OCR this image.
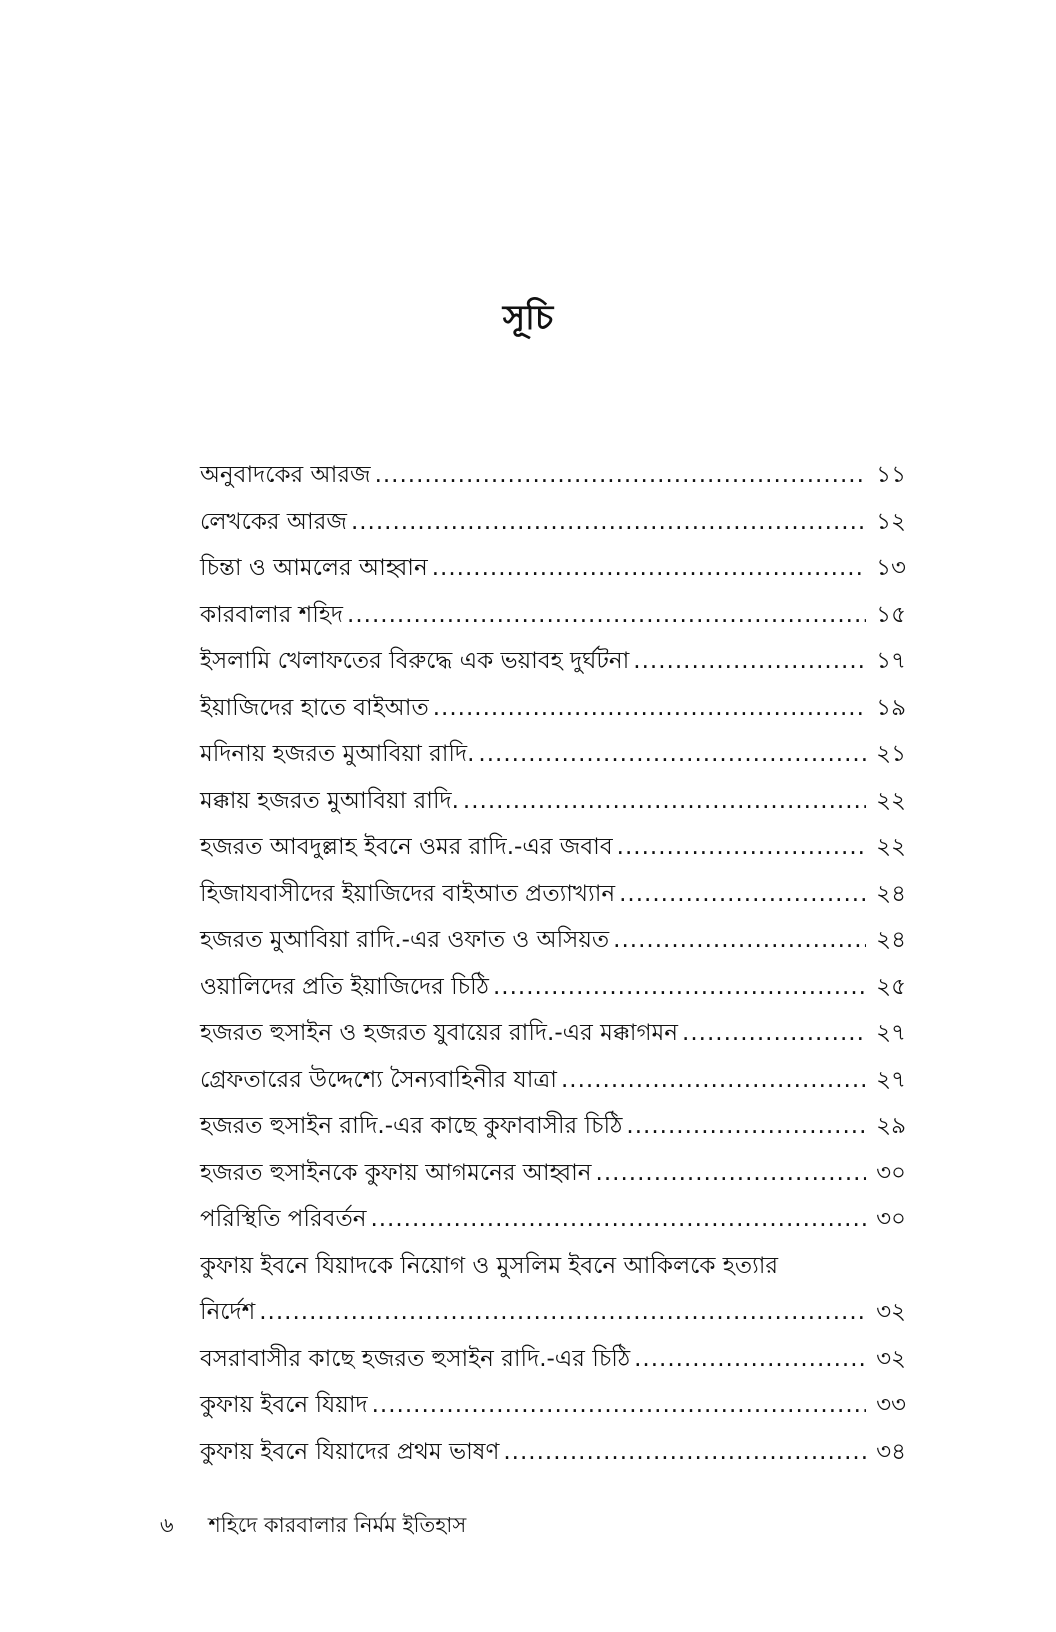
সূচি
অনুবাদকের আরজ .....	১১
লেখকের আরজ .....	১২
চিন্তা ও আমলের আহ্বান .....	১৩
কারবালার শহিদ .....	১৫
ইসলামি খেলাফতের বিরুদ্ধে এক ভয়াবহ দুর্ঘটনা .....	১৭
ইয়াজিদের হাতে বাইআত .....	১৯
মদিনায় হজরত মুআবিয়া রাদি. .....	২১
মক্কায় হজরত মুআবিয়া রাদি. .....	২২
হজরত আবদুল্লাহ ইবনে ওমর রাদি.-এর জবাব .....	২২
হিজাযবাসীদের ইয়াজিদের বাইআত প্রত্যাখ্যান .....	২৪
হজরত মুআবিয়া রাদি.-এর ওফাত ও অসিয়ত .....	২৪
ওয়ালিদের প্রতি ইয়াজিদের চিঠি .....	২৫
হজরত হুসাইন ও হজরত যুবায়ের রাদি.-এর মক্কাগমন .....	২৭
গ্রেফতারের উদ্দেশ্যে সৈন্যবাহিনীর যাত্রা .....	২৭
হজরত হুসাইন রাদি.-এর কাছে কুফাবাসীর চিঠি .....	২৯
হজরত হুসাইনকে কুফায় আগমনের আহ্বান .....	৩০
পরিস্থিতি পরিবর্তন .....	৩০
কুফায় ইবনে যিয়াদকে নিয়োগ ও মুসলিম ইবনে আকিলকে হত্যার
নির্দেশ .....	৩২
বসরাবাসীর কাছে হজরত হুসাইন রাদি.-এর চিঠি .....	৩২
কুফায় ইবনে যিয়াদ .....	৩৩
কুফায় ইবনে যিয়াদের প্রথম ভাষণ .....	৩৪
৬ শহিদে কারবালার নির্মম ইতিহাস
